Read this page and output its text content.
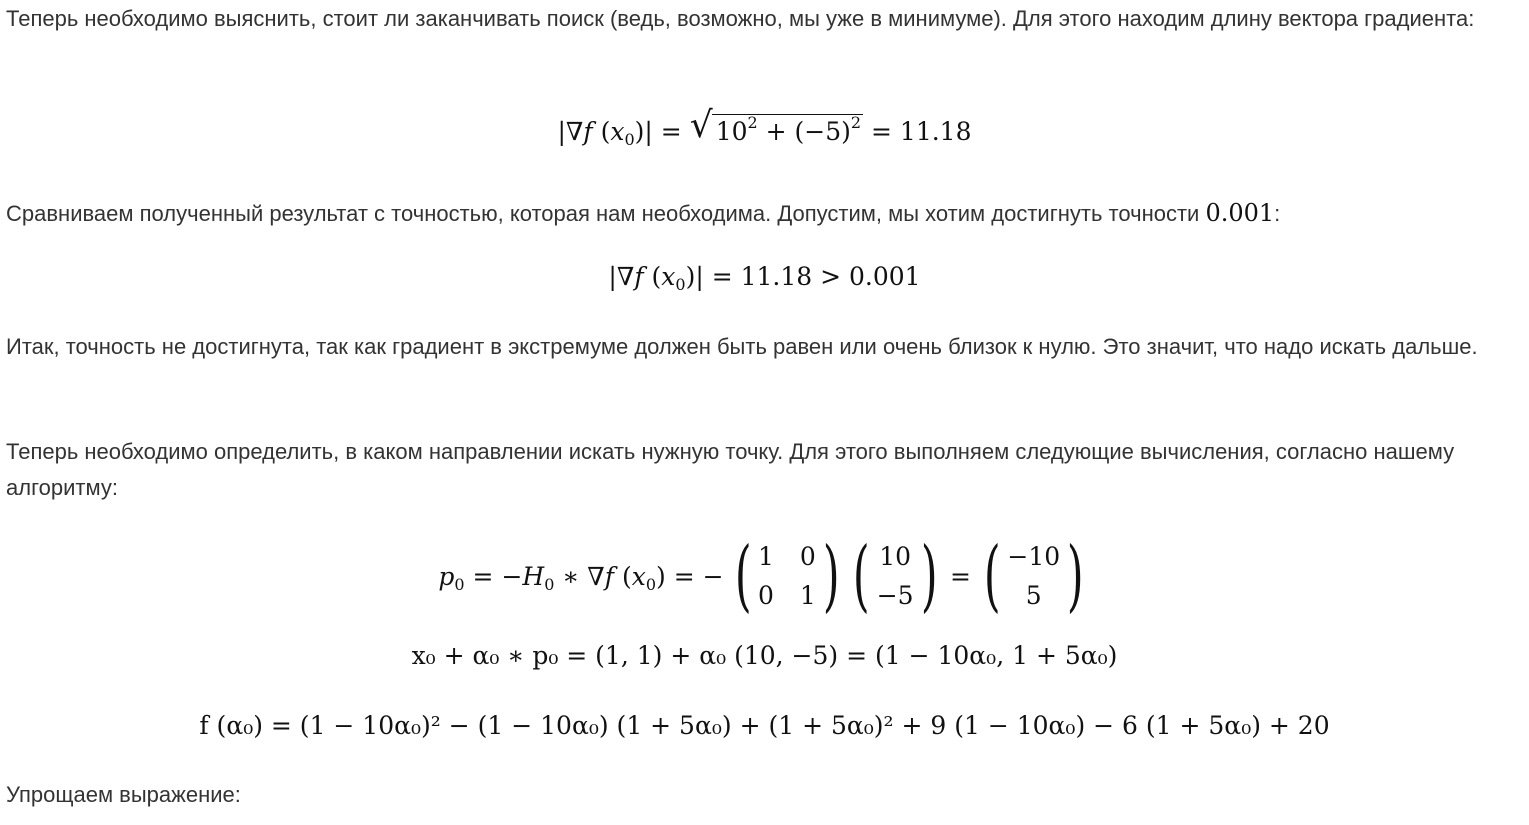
Теперь необходимо выяснить, стоит ли заканчивать поиск (ведь, возможно, мы уже в минимуме). Для этого находим длину вектора градиента:
|∇f $(x_0)|$ = √ $10^2 + (-5)^2 = 11.18$
Сравниваем полученный результат с точностью, которая нам необходима. Допустим, мы хотим достигнуть точности 0.001:
|∇f $(x_0)| = 11.18 > 0.001$
Итак, точность не достигнута, так как градиент в экстремуме должен быть равен или очень близок к нулю. Это значит, что надо искать дальше.
Теперь необходимо определить, в каком направлении искать нужную точку. Для этого выполняем следующие вычисления, согласно нашему алгоритму:
$p_0 = -H_0$ ∗ ∇f $(x_0)$ = − ( 1 0
0 1 ) ( 10
−5 ) = ( −10
5 )
x₀ + α₀ ∗ p₀ = (1, 1) + α₀ (10, −5) = (1 − 10α₀, 1 + 5α₀)
f (α₀) = (1 − 10α₀)² − (1 − 10α₀) (1 + 5α₀) + (1 + 5α₀)² + 9 (1 − 10α₀) − 6 (1 + 5α₀) + 20
Упрощаем выражение:
